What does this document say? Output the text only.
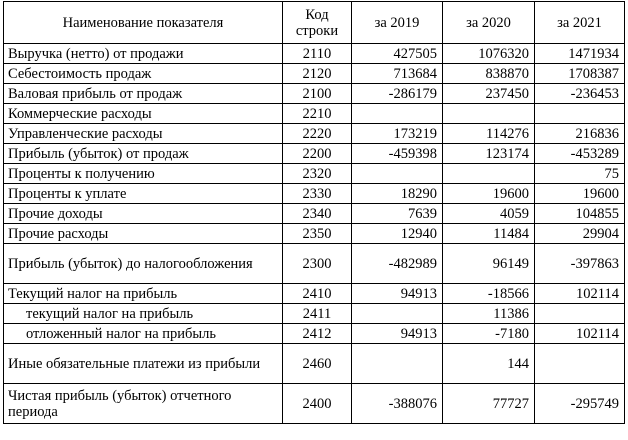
Наименование показателя	Код строки	за 2019	за 2020	за 2021
Выручка (нетто) от продажи	2110	427505	1076320	1471934
Себестоимость продаж	2120	713684	838870	1708387
Валовая прибыль от продаж	2100	-286179	237450	-236453
Коммерческие расходы	2210			
Управленческие расходы	2220	173219	114276	216836
Прибыль (убыток) от продаж	2200	-459398	123174	-453289
Проценты к получению	2320			75
Проценты к уплате	2330	18290	19600	19600
Прочие доходы	2340	7639	4059	104855
Прочие расходы	2350	12940	11484	29904
Прибыль (убыток) до налогообложения	2300	-482989	96149	-397863
Текущий налог на прибыль	2410	94913	-18566	102114
текущий налог на прибыль	2411		11386	
отложенный налог на прибыль	2412	94913	-7180	102114
Иные обязательные платежи из прибыли	2460		144	
Чистая прибыль (убыток) отчетного периода	2400	-388076	77727	-295749
